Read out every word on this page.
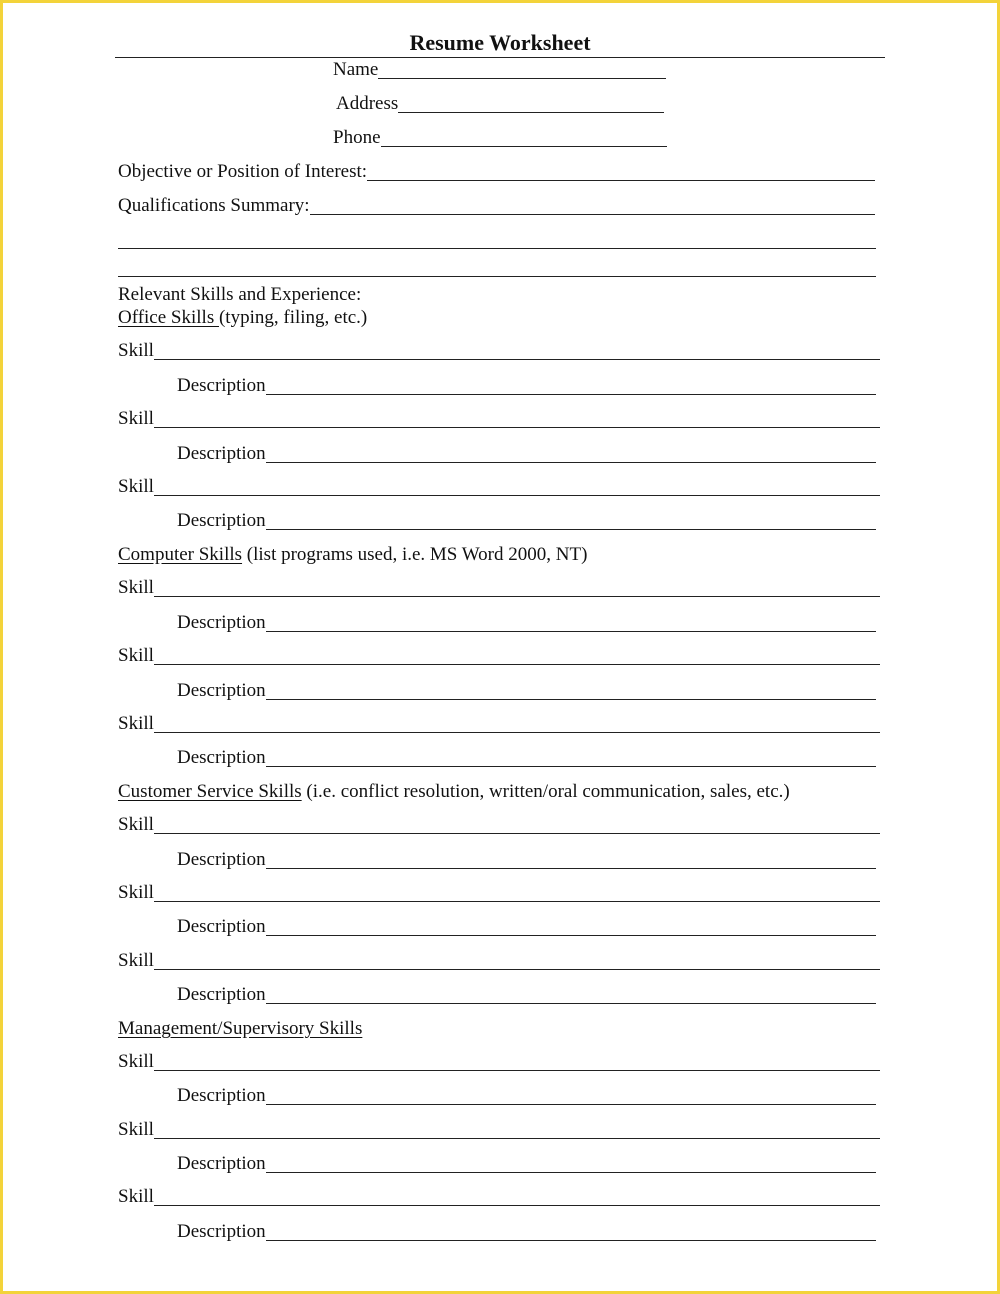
Resume Worksheet
Name
Address
Phone
Objective or Position of Interest:
Qualifications Summary:
Relevant Skills and Experience:
Office Skills (typing, filing, etc.)
Skill
Description
Skill
Description
Skill
Description
Computer Skills (list programs used, i.e. MS Word 2000, NT)
Skill
Description
Skill
Description
Skill
Description
Customer Service Skills (i.e. conflict resolution, written/oral communication, sales, etc.)
Skill
Description
Skill
Description
Skill
Description
Management/Supervisory Skills
Skill
Description
Skill
Description
Skill
Description
